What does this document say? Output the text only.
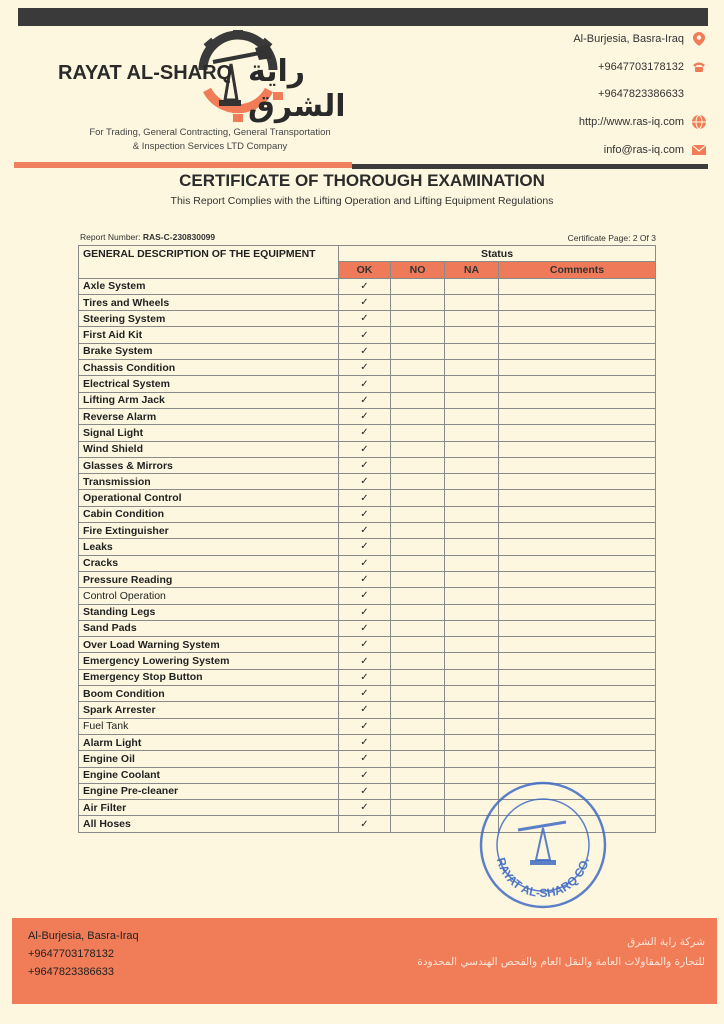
RAYAT AL-SHARQ راية الشرق
For Trading, General Contracting, General Transportation
& Inspection Services LTD Company
Al-Burjesia, Basra-Iraq
+9647703178132
+9647823386633
http://www.ras-iq.com
info@ras-iq.com
CERTIFICATE OF THOROUGH EXAMINATION
This Report Complies with the Lifting Operation and Lifting Equipment Regulations
Report Number: RAS-C-230830099	Certificate Page: 2 Of 3
GENERAL DESCRIPTION OF THE EQUIPMENT	Status			
	OK	NO	NA	Comments
Axle System	✓			
Tires and Wheels	✓			
Steering System	✓			
First Aid Kit	✓			
Brake System	✓			
Chassis Condition	✓			
Electrical System	✓			
Lifting Arm Jack	✓			
Reverse Alarm	✓			
Signal Light	✓			
Wind Shield	✓			
Glasses & Mirrors	✓			
Transmission	✓			
Operational Control	✓			
Cabin Condition	✓			
Fire Extinguisher	✓			
Leaks	✓			
Cracks	✓			
Pressure Reading	✓			
Control Operation	✓			
Standing Legs	✓			
Sand Pads	✓			
Over Load Warning System	✓			
Emergency Lowering System	✓			
Emergency Stop Button	✓			
Boom Condition	✓			
Spark Arrester	✓			
Fuel Tank	✓			
Alarm Light	✓			
Engine Oil	✓			
Engine Coolant	✓			
Engine Pre-cleaner	✓			
Air Filter	✓			
All Hoses	✓			
RAYAT AL-SHARQ CO.
Al-Burjesia, Basra-Iraq
+9647703178132
+9647823386633
شركة راية الشرق
للتجارة والمقاولات العامة والنقل العام والفحص الهندسي المحدودة
